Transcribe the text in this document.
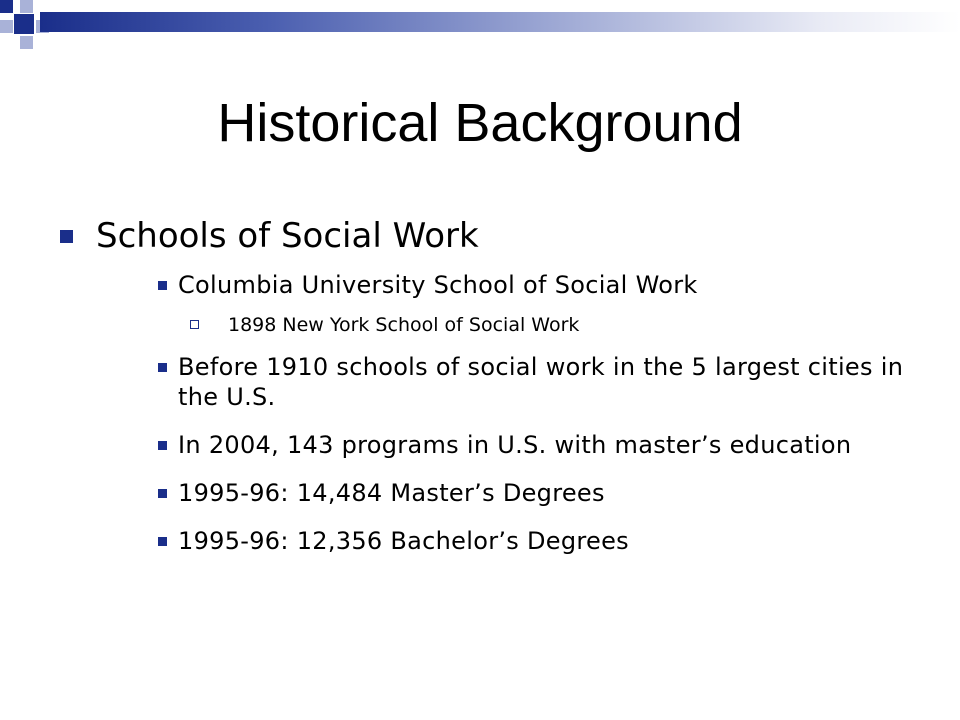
Historical Background
Schools of Social Work
Columbia University School of Social Work
1898 New York School of Social Work
Before 1910 schools of social work in the 5 largest cities in the U.S.
In 2004, 143 programs in U.S. with master’s education
1995-96: 14,484 Master’s Degrees
1995-96: 12,356 Bachelor’s Degrees
